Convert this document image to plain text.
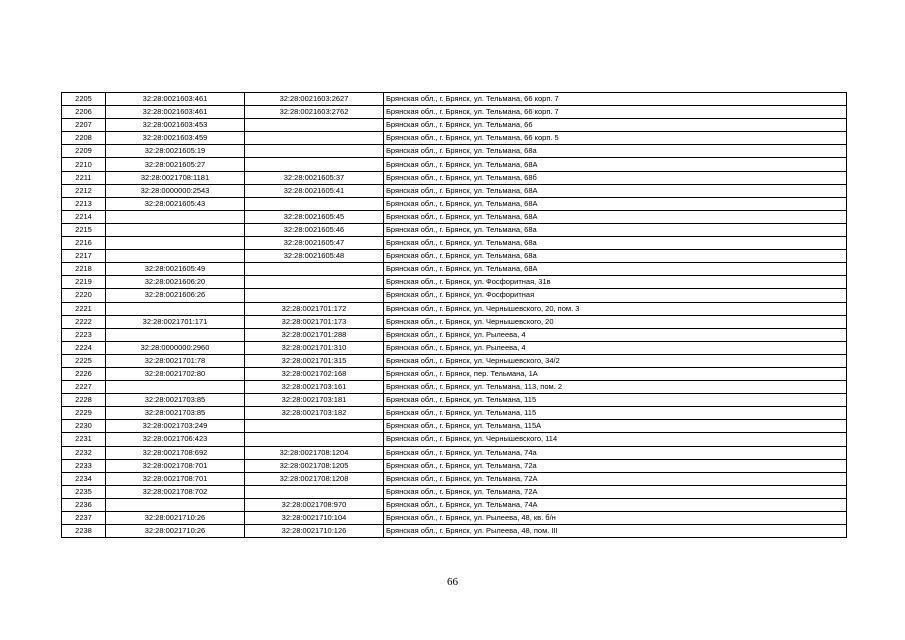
2205	32:28:0021603:461	32:28:0021603:2627	Брянская обл., г. Брянск, ул. Тельмана, 66 корп. 7
2206	32:28:0021603:461	32:28:0021603:2762	Брянская обл., г. Брянск, ул. Тельмана, 66 корп. 7
2207	32:28:0021603:453		Брянская обл., г. Брянск, ул. Тельмана, 66
2208	32:28:0021603:459		Брянская обл., г. Брянск, ул. Тельмана, 66 корп. 5
2209	32:28:0021605:19		Брянская обл., г. Брянск, ул. Тельмана, 68а
2210	32:28:0021605:27		Брянская обл., г. Брянск, ул. Тельмана, 68А
2211	32:28:0021708:1181	32:28:0021605:37	Брянская обл., г. Брянск, ул. Тельмана, 68б
2212	32:28:0000000:2543	32:28:0021605:41	Брянская обл., г. Брянск, ул. Тельмана, 68А
2213	32:28:0021605:43		Брянская обл., г. Брянск, ул. Тельмана, 68А
2214		32:28:0021605:45	Брянская обл., г. Брянск, ул. Тельмана, 68А
2215		32:28:0021605:46	Брянская обл., г. Брянск, ул. Тельмана, 68а
2216		32:28:0021605:47	Брянская обл., г. Брянск, ул. Тельмана, 68а
2217		32:28:0021605:48	Брянская обл., г. Брянск, ул. Тельмана, 68а
2218	32:28:0021605:49		Брянская обл., г. Брянск, ул. Тельмана, 68А
2219	32:28:0021606:20		Брянская обл., г. Брянск, ул. Фосфоритная, 31в
2220	32:28:0021606:26		Брянская обл., г. Брянск, ул. Фосфоритная
2221		32:28:0021701:172	Брянская обл., г. Брянск, ул. Чернышевского, 20, пом. 3
2222	32:28:0021701:171	32:28:0021701:173	Брянская обл., г. Брянск, ул. Чернышевского, 20
2223		32:28:0021701:288	Брянская обл., г. Брянск, ул. Рылеева, 4
2224	32:28:0000000:2960	32:28:0021701:310	Брянская обл., г. Брянск, ул. Рылеева, 4
2225	32:28:0021701:78	32:28:0021701:315	Брянская обл., г. Брянск, ул. Чернышевского, 34/2
2226	32:28:0021702:80	32:28:0021702:168	Брянская обл., г. Брянск, пер. Тельмана, 1А
2227		32:28:0021703:161	Брянская обл., г. Брянск, ул. Тельмана, 113, пом. 2
2228	32:28:0021703:85	32:28:0021703:181	Брянская обл., г. Брянск, ул. Тельмана, 115
2229	32:28:0021703:85	32:28:0021703:182	Брянская обл., г. Брянск, ул. Тельмана, 115
2230	32:28:0021703:249		Брянская обл., г. Брянск, ул. Тельмана, 115А
2231	32:28:0021706:423		Брянская обл., г. Брянск, ул. Чернышевского, 114
2232	32:28:0021708:692	32:28:0021708:1204	Брянская обл., г. Брянск, ул. Тельмана, 74а
2233	32:28:0021708:701	32:28:0021708:1205	Брянская обл., г. Брянск, ул. Тельмана, 72а
2234	32:28:0021708:701	32:28:0021708:1208	Брянская обл., г. Брянск, ул. Тельмана, 72А
2235	32:28:0021708:702		Брянская обл., г. Брянск, ул. Тельмана, 72А
2236		32:28:0021708:970	Брянская обл., г. Брянск, ул. Тельмана, 74А
2237	32:28:0021710:26	32:28:0021710:104	Брянская обл., г. Брянск, ул. Рылеева, 48, кв. б/н
2238	32:28:0021710:26	32:28:0021710:126	Брянская обл., г. Брянск, ул. Рылеева, 48, пом. III
66
